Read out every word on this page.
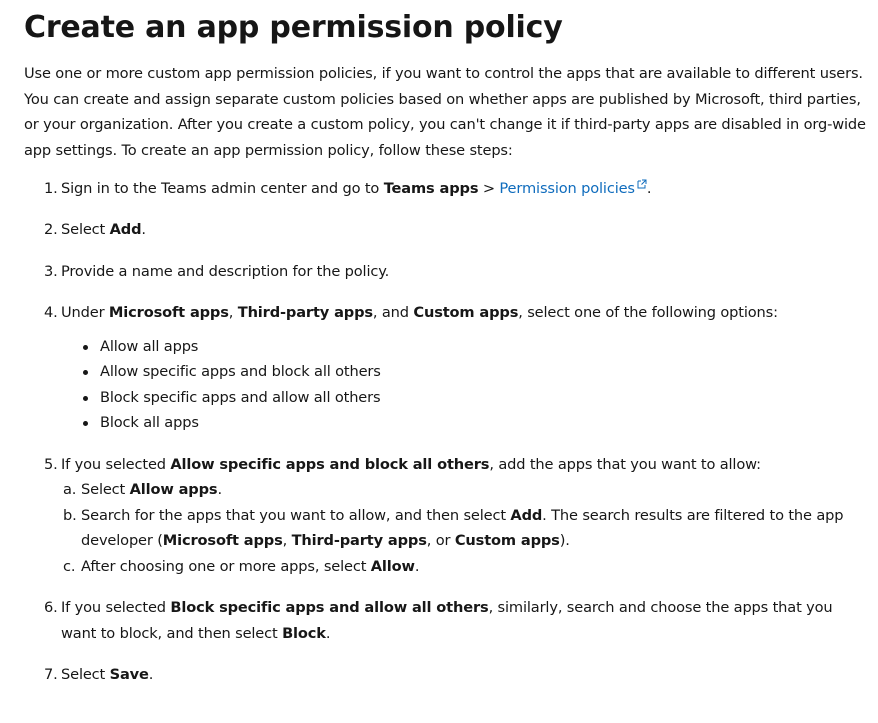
Create an app permission policy

Use one or more custom app permission policies, if you want to control the apps that are available to different users. You can create and assign separate custom policies based on whether apps are published by Microsoft, third parties, or your organization. After you create a custom policy, you can't change it if third-party apps are disabled in org-wide app settings. To create an app permission policy, follow these steps:

1. Sign in to the Teams admin center and go to Teams apps > Permission policies .
2. Select Add.
3. Provide a name and description for the policy.
4. Under Microsoft apps, Third-party apps, and Custom apps, select one of the following options:
Allow all apps
Allow specific apps and block all others
Block specific apps and allow all others
Block all apps
5. If you selected Allow specific apps and block all others, add the apps that you want to allow:
a. Select Allow apps.
b. Search for the apps that you want to allow, and then select Add. The search results are filtered to the app developer (Microsoft apps, Third-party apps, or Custom apps).
c. After choosing one or more apps, select Allow.
6. If you selected Block specific apps and allow all others, similarly, search and choose the apps that you want to block, and then select Block.
7. Select Save.
